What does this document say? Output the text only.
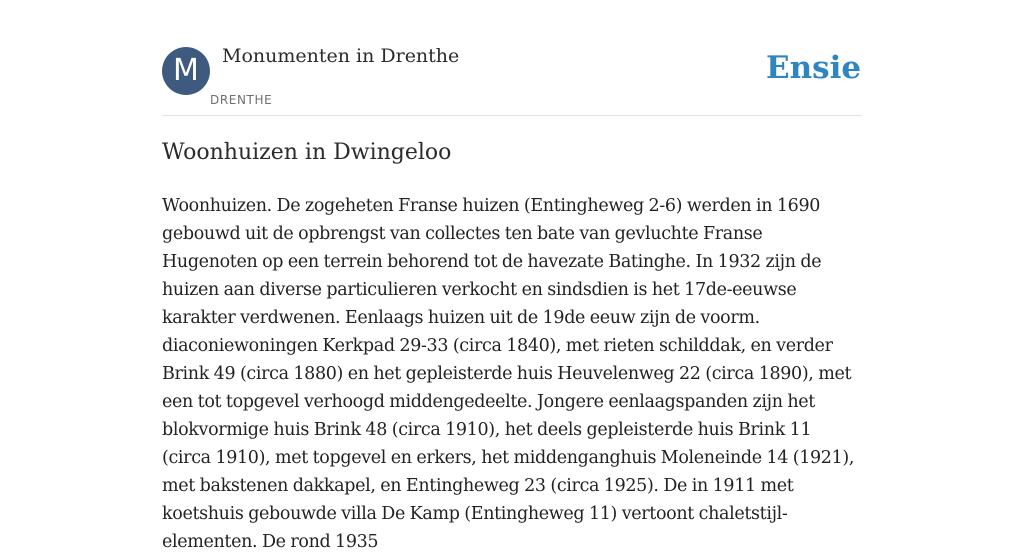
M	Monumenten in Drenthe
DRENTHE
Ensie
Woonhuizen in Dwingeloo

Woonhuizen. De zogeheten Franse huizen (Entingheweg 2-6) werden in 1690 gebouwd uit de opbrengst van collectes ten bate van gevluchte Franse Hugenoten op een terrein behorend tot de havezate Batinghe. In 1932 zijn de huizen aan diverse particulieren verkocht en sindsdien is het 17de-eeuwse karakter verdwenen. Eenlaags huizen uit de 19de eeuw zijn de voorm. diaconiewoningen Kerkpad 29-33 (circa 1840), met rieten schilddak, en verder Brink 49 (circa 1880) en het gepleisterde huis Heuvelenweg 22 (circa 1890), met een tot topgevel verhoogd middengedeelte. Jongere eenlaagspanden zijn het blokvormige huis Brink 48 (circa 1910), het deels gepleisterde huis Brink 11 (circa 1910), met topgevel en erkers, het middenganghuis Moleneinde 14 (1921), met bakstenen dakkapel, en Entingheweg 23 (circa 1925). De in 1911 met koetshuis gebouwde villa De Kamp (Entingheweg 11) vertoont chaletstijl-elementen. De rond 1935
